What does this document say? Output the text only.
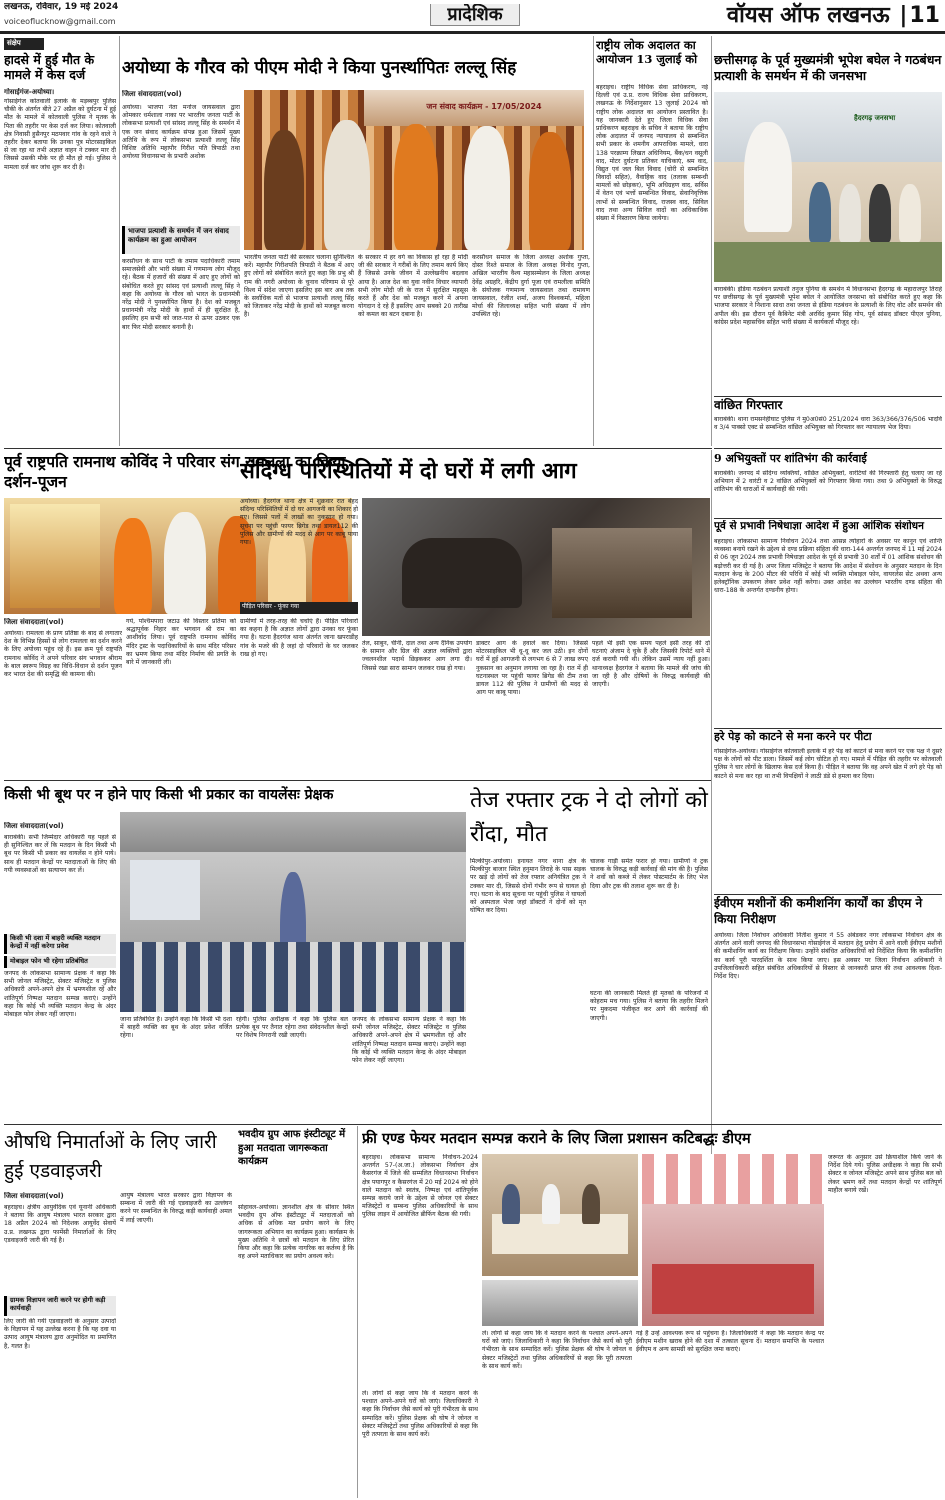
लखनऊ, रविवार, 19 मई 2024
voiceoflucknow@gmail.com	प्रादेशिक	वॉयस ऑफ लखनऊ |11
संक्षेप
हादसे में हुई मौत के मामले में केस दर्ज
गोसाईगंज-अयोध्या।
गोसाईगंज कोतवाली इलाके के मड़ब्बपुर पुलिस चौकी के अंतर्गत बीते 27 अप्रैल को दुर्घटना में हुई मौत के मामले में कोतवाली पुलिस ने मृतक के पिता की तहरीर पर केस दर्ज कर लिया। कोतवाली क्षेत्र निवासी हुसैनपुर मठपवार गांव के रहने वाले ने तहरीर देकर बताया कि उनका पुत्र मोटरसाइकिल से जा रहा था तभी अज्ञात वाहन ने टक्कर मार दी जिससे उसकी मौके पर ही मौत हो गई। पुलिस ने मामला दर्ज कर जांच शुरू कर दी है।
अयोध्या के गौरव को पीएम मोदी ने किया पुनर्स्थापितः लल्लू सिंह
जिला संवाददाता(vol)
अयोध्या। भाजपा नेता मनोज जायसवाल द्वारा ओमकार धर्मशाला नाका पर भारतीय जनता पार्टी के लोकसभा प्रत्याशी एवं सांसद लल्लू सिंह के समर्थन में एक जन संवाद कार्यक्रम संपन्न हुआ जिसमें मुख्य अतिथि के रूप में लोकसभा प्रत्याशी लल्लू सिंह विशिष्ट अतिथि महापौर गिरीश पति त्रिपाठी तथा अयोध्या विधानसभा के प्रभारी अशोक
भाजपा प्रत्याशी के समर्थन में जन संवाद कार्यक्रम का हुआ आयोजन
करसौधन के साथ पार्टी के तमाम पदाधिकारी तमाम समाजसेवी और भारी संख्या में गणमान्य लोग मौजूद रहे। बैठक में हजारों की संख्या में आए हुए लोगों को संबोधित करते हुए सांसद एवं प्रत्याशी लल्लू सिंह ने कहा कि अयोध्या के गौरव को भारत के प्रधानमंत्री नरेंद्र मोदी ने पुनर्स्थापित किया है। देश को मजबूत प्रधानमंत्री नरेंद्र मोदी के हाथों में ही सुरक्षित है, इसलिए हम सभी को जात-पात से ऊपर उठकर एक बार फिर मोदी सरकार बनानी है।
जन संवाद कार्यक्रम - 17/05/2024
भारतीय जनता पार्टी की सरकार चलाना सुनिश्चित करें। महापौर गिरीशपति त्रिपाठी ने बैठक में आए हुए लोगों को संबोधित करते हुए कहा कि प्रभु श्री राम की नगरी अयोध्या के चुनाव परिणाम से पूरे विश्व में संदेश जाएगा इसलिए इस बार अब तक के सर्वाधिक मतों से भाजपा प्रत्याशी लल्लू सिंह को जिताकर नरेंद्र मोदी के हाथों को मजबूत करना है।
के सरकार में हर वर्ग का विकास हो रहा है मोदी जी की सरकार ने गरीबों के लिए तमाम कार्य किए हैं जिससे उनके जीवन में उल्लेखनीय बदलाव आया है। आज देश का युवा नवीन विचार व्यापारी सभी लोग मोदी जी के राज में सुरक्षित महसूस करते हैं और देश को मजबूत करने में अपना योगदान दे रहे हैं इसलिए आप सबको 20 तारीख को कमल का बटन दबाना है।
करसौधन समाज के जिला अध्यक्ष अशोक गुप्ता, दोस्त रिश्ते समाज के जिला अध्यक्ष विनोद गुप्ता, अखिल भारतीय वैश्य महासम्मेलन के जिला अध्यक्ष देवेंद्र अग्रहरि, केंद्रीय दुर्गा पूजा एवं रामलीला समिति के संयोजक गणमान्य जायसवाल तथा रामायण जायसवाल, रंजीत शर्मा, अजय विश्वकर्मा, महिला मोर्चा की जिलाध्यक्ष सहित भारी संख्या में लोग उपस्थित रहे।
राष्ट्रीय लोक अदालत का आयोजन 13 जुलाई को
बहराइच। राष्ट्रीय विधिक सेवा प्राधिकरण, नई दिल्ली एवं उ.प्र. राज्य विधिक सेवा प्राधिकरण, लखनऊ के निर्देशानुसार 13 जुलाई 2024 को राष्ट्रीय लोक अदालत का आयोजन प्रस्तावित है। यह जानकारी देते हुए जिला विधिक सेवा प्राधिकरण बहराइच के सचिव ने बताया कि राष्ट्रीय लोक अदालत में जनपद न्यायालय से सम्बन्धित सभी प्रकार के शमनीय आपराधिक मामले, धारा 138 परक्राम्य लिखत अधिनियम, बैंक/धन वसूली वाद, मोटर दुर्घटना प्रतिकर याचिकाएं, श्रम वाद, विद्युत एवं जल बिल विवाद (चोरी से सम्बन्धित विवादों सहित), वैवाहिक वाद (तलाक सम्बन्धी मामलों को छोड़कर), भूमि अधिग्रहण वाद, सर्विस में वेतन एवं भत्तों सम्बन्धित विवाद, सेवानिवृत्तिक लाभों से सम्बन्धित विवाद, राजस्व वाद, सिविल वाद तथा अन्य सिविल वादों का अधिकाधिक संख्या में निस्तारण किया जायेगा।
छत्तीसगढ़ के पूर्व मुख्यमंत्री भूपेश बघेल ने गठबंधन प्रत्याशी के समर्थन में की जनसभा
हैदरगढ़ जनसभा
बाराबंकी। इंडिया गठबंधन प्रत्याशी तनुज पुनिया के समर्थन में विधानसभा हैदरगढ़ के महाराजपुर तिराहे पर छत्तीसगढ़ के पूर्व मुख्यमंत्री भूपेश बघेल ने आयोजित जनसभा को संबोधित करते हुए कहा कि भाजपा सरकार ने निशाना साधा तथा जनता से इंडिया गठबंधन के प्रत्याशी के लिए वोट और समर्थन की अपील की। इस दौरान पूर्व कैबिनेट मंत्री अरविंद कुमार सिंह गोप, पूर्व सांसद डॉक्टर पीएल पुनिया, कांग्रेस प्रदेश महासचिव सहित भारी संख्या में कार्यकर्ता मौजूद रहे।
वांछित गिरफ्तार
बाराबंकी। थाना रामसनेहीघाट पुलिस ने मु0अ0सं0 251/2024 धारा 363/366/376/506 भादवि व 3/4 पाक्सो एक्ट से सम्बन्धित वांछित अभियुक्त को गिरफ्तार कर न्यायालय भेज दिया।
पूर्व राष्ट्रपति रामनाथ कोविंद ने परिवार संग रामलला का किया दर्शन-पूजन
जिला संवाददाता(vol)
अयोध्या। रामलला के प्राण प्रतिष्ठा के बाद से लगातार देश के विभिन्न हिस्सों से लोग रामलला का दर्शन करने के लिए अयोध्या पहुंच रहे हैं। इस क्रम पूर्व राष्ट्रपति रामनाथ कोविंद ने अपने परिवार संग भगवान श्रीराम के बाल स्वरूप विग्रह का विधि-विधान से दर्शन पूजन कर भारत देश की समृद्धि की कामना की।
गये, पश्चिमपारा जटाउ की विस्तार प्रतिमा को श्रद्धापूर्वक निहार कर भगवान श्री राम का आशीर्वाद लिया। पूर्व राष्ट्रपति रामनाथ कोविंद मंदिर ट्रस्ट के पदाधिकारियों के साथ मंदिर परिसर का भ्रमण किया तथा मंदिर निर्माण की प्रगति के बारे में जानकारी ली।
संदिग्ध परिस्थितियों में दो घरों में लगी आग
अयोध्या। हैदरगंज थाना क्षेत्र में शुक्रवार रात बेहद संदिग्ध परिस्थितियों में दो घर आगजनी का शिकार हो गए। जिससे पलों में लाखों का नुकसान हो गया। सूचना पर पहुंची फायर ब्रिगेड तथा डायल112 की पुलिस और ग्रामीणों की मदद से आग पर काबू पाया गया।
पीड़ित परिवार - फूंका गया
ग्रामीणों में तरह-तरह की चर्चाएं हैं। पीड़ित परिवारों का कहना है कि अज्ञात लोगों द्वारा उनका घर फूंका गया है। घटना हैदरगंज थाना अंतर्गत जाना खपराडीह गांव के मजरे की है जहां दो परिवारों के घर जलकर राख हो गए।
तेल, साबुन, चीनी, दाल तथा अन्य दैनिक उपयोग के सामान और ग्रिल की अज्ञात व्यक्तियों द्वारा ज्वलनशील पदार्थ छिड़ककर आग लगा दी। जिससे रखा सारा सामान जलकर राख हो गया।
डाक्टर आग के हवाले कर दिया। जिससे मोटरसाइकिल भी धू-धू कर जल उठी। इन दोनों घरों में हुई आगजनी से लगभग 6 से 7 लाख रुपए नुकसान का अनुमान लगाया जा रहा है। रात में ही घटनास्थल पर पहुंची फायर ब्रिगेड की टीम तथा डायल 112 की पुलिस ने ग्रामीणों की मदद से आग पर काबू पाया।
पहले भी इसी एक समय पहले इसी तरह की दो घटनाएं अंजाम दे चुके हैं और जिसकी रिपोर्ट थाने में दर्ज करायी गयी थी। लेकिन उसमें न्याय नहीं हुआ। थानाध्यक्ष हैदरगंज ने बताया कि मामले की जांच की जा रही है और दोषियों के विरुद्ध कार्यवाही की जाएगी।
9 अभियुक्तों पर शांतिभंग की कार्रवाई
बाराबंकी। जनपद में संदिग्ध व्यक्तियों, वांछित अभियुक्तों, वारंटियों की गिरफ्तारी हेतु चलाए जा रहे अभियान में 2 वारंटी व 2 वांछित अभियुक्तों को गिरफ्तार किया गया। तथा 9 अभियुक्तों के विरुद्ध शांतिभंग की धाराओं में कार्यवाही की गयी।
पूर्व से प्रभावी निषेधाज्ञा आदेश में हुआ आंशिक संशोधन
बहराइच। लोकसभा सामान्य निर्वाचन 2024 तथा आसन्न त्योहारों के अवसर पर कानून एवं शान्ति व्यवस्था बनाये रखने के उद्देश्य से दण्ड प्रक्रिया संहिता की धारा-144 अन्तर्गत जनपद में 11 मई 2024 से 06 जून 2024 तक प्रभावी निषेधाज्ञा आदेश के पूर्व से प्रभावी 30 शर्तों में 01 आंशिक संशोधन की बढ़ोत्तरी कर दी गई है। अपर जिला मजिस्ट्रेट ने बताया कि आदेश में संशोधन के अनुसार मतदान के दिन मतदान केन्द्र के 200 मीटर की परिधि में कोई भी व्यक्ति मोबाइल फोन, वायरलेस सेट अथवा अन्य इलेक्ट्रॉनिक उपकरण लेकर प्रवेश नहीं करेगा। उक्त आदेश का उल्लंघन भारतीय दण्ड संहिता की धारा-188 के अन्तर्गत दण्डनीय होगा।
हरे पेड़ को काटने से मना करने पर पीटा
गोसाईगंज-अयोध्या। गोसाईगंज कोतवाली इलाके में हरे पेड़ को काटने से मना करने पर एक पक्ष ने दूसरे पक्ष के लोगों को पीट डाला। जिसमें कई लोग चोटिल हो गए। मामले में पीड़ित की तहरीर पर कोतवाली पुलिस ने चार लोगों के खिलाफ केस दर्ज किया है। पीड़ित ने बताया कि वह अपने खेत में लगे हरे पेड़ को काटने से मना कर रहा था तभी विपक्षियों ने लाठी डंडे से हमला कर दिया।
ईवीएम मशीनों की कमीशनिंग कार्यों का डीएम ने किया निरीक्षण
अयोध्या। जिला निर्वाचन अधिकारी नितीश कुमार ने 55 अंबेडकर नगर लोकसभा निर्वाचन क्षेत्र के अंतर्गत आने वाली जनपद की विधानसभा गोसाईगंज में मतदान हेतु प्रयोग में आने वाली ईवीएम मशीनों की कमीशनिंग कार्य का निरीक्षण किया। उन्होंने संबंधित अधिकारियों को निर्देशित किया कि कमीशनिंग का कार्य पूरी पारदर्शिता के साथ किया जाए। इस अवसर पर जिला निर्वाचन अधिकारी ने उपजिलाधिकारी सहित संबंधित अधिकारियों से विस्तार से जानकारी प्राप्त की तथा आवश्यक दिशा-निर्देश दिए।
किसी भी बूथ पर न होने पाए किसी भी प्रकार का वायलेंसः प्रेक्षक
जिला संवाददाता(vol)
बाराबंकी। सभी जिम्मेदार अधिकारी यह पहले से ही सुनिश्चित कर लें कि मतदान के दिन किसी भी बूथ पर किसी भी प्रकार का वायलेंस न होने पाये। साथ ही मतदान केन्द्रों पर मतदाताओं के लिए की गयी व्यवस्थाओं का सत्यापन कर लें।
किसी भी दशा में बाहरी व्यक्ति मतदान केन्द्रों में नहीं करेगा प्रवेश
मोबाइल फोन भी रहेगा प्रतिबंधित
जनपद के लोकसभा सामान्य प्रेक्षक ने कहा कि सभी जोनल मजिस्ट्रेट, सेक्टर मजिस्ट्रेट व पुलिस अधिकारी अपने-अपने क्षेत्र में भ्रमणशील रहें और शांतिपूर्ण निष्पक्ष मतदान सम्पन्न कराएं। उन्होंने कहा कि कोई भी व्यक्ति मतदान केन्द्र के अंदर मोबाइल फोन लेकर नहीं जाएगा।
जाना प्रतिबंधित है। उन्होंने कहा कि किसी भी दशा में बाहरी व्यक्ति का बूथ के अंदर प्रवेश वर्जित रहेगा।
रहेगी। पुलिस अधीक्षक ने कहा कि पुलिस बल प्रत्येक बूथ पर तैनात रहेगा तथा संवेदनशील केन्द्रों पर विशेष निगरानी रखी जाएगी।
तेज रफ्तार ट्रक ने दो लोगों को रौंदा, मौत
मिल्कीपुर-अयोध्या। इनायत नगर थाना क्षेत्र के मिल्कीपुर बाजार स्थित हनुमान तिराहे के पास सड़क पर खड़े दो लोगों को तेज रफ्तार अनियंत्रित ट्रक ने टक्कर मार दी, जिससे दोनों गंभीर रूप से घायल हो गए। घटना के बाद सूचना पर पहुंची पुलिस ने घायलों को अस्पताल भेजा जहां डॉक्टरों ने दोनों को मृत घोषित कर दिया।
चालक गाड़ी समेत फरार हो गया। ग्रामीणों ने ट्रक चालक के विरुद्ध कड़ी कार्रवाई की मांग की है। पुलिस ने शवों को कब्जे में लेकर पोस्टमार्टम के लिए भेज दिया और ट्रक की तलाश शुरू कर दी है।
घटना की जानकारी मिलते ही मृतकों के परिजनों में कोहराम मच गया। पुलिस ने बताया कि तहरीर मिलने पर मुकदमा पंजीकृत कर आगे की कार्रवाई की जाएगी।
जनपद के लोकसभा सामान्य प्रेक्षक ने कहा कि सभी जोनल मजिस्ट्रेट, सेक्टर मजिस्ट्रेट व पुलिस अधिकारी अपने-अपने क्षेत्र में भ्रमणशील रहें और शांतिपूर्ण निष्पक्ष मतदान सम्पन्न कराएं। उन्होंने कहा कि कोई भी व्यक्ति मतदान केन्द्र के अंदर मोबाइल फोन लेकर नहीं जाएगा।
औषधि निमार्ताओं के लिए जारी हुई एडवाइजरी
जिला संवाददाता(vol)
बहराइच। क्षेत्रीय आयुर्वेदिक एवं यूनानी अधिकारी ने बताया कि आयुष मंत्रालय भारत सरकार द्वारा 18 अप्रैल 2024 को निदेशक आयुर्वेद सेवायें उ.प्र. लखनऊ द्वारा फार्मेसी निमार्ताओं के लिए एडवाइजरी जारी की गई है।
ग्रामक विज्ञापन जारी करने पर होगी कड़ी कार्यवाही
लिए जारी की गयी एडवाइजरी के अनुसार उत्पादों के विज्ञापन में यह उल्लेख करना है कि यह दवा या उत्पाद आयुष मंत्रालय द्वारा अनुमोदित या प्रमाणित है, गलत है।
आयुष मंत्रालय भारत सरकार द्वारा विज्ञापन के सम्बन्ध में जारी की गई एडवाइजरी का उल्लंघन करने पर सम्बन्धित के विरुद्ध कड़ी कार्यवाही अमल में लाई जाएगी।
भवदीय ग्रुप आफ इंस्टीट्यूट में हुआ मतदाता जागरूकता कार्यक्रम
सोहावल-अयोध्या। ज्ञानशील क्षेत्र के सीवार स्थित भवदीय ग्रुप ऑफ इंस्टीट्यूट में मतदाताओं को अधिक से अधिक मत प्रयोग करने के लिए जागरूकता अभियान का कार्यक्रम हुआ। कार्यक्रम के मुख्य अतिथि ने छात्रों को मतदान के लिए प्रेरित किया और कहा कि प्रत्येक नागरिक का कर्तव्य है कि वह अपने मताधिकार का प्रयोग अवश्य करे।
फ्री एण्ड फेयर मतदान सम्पन्न कराने के लिए जिला प्रशासन कटिबद्धः डीएम
बहराइच। लोकसभा सामान्य निर्वाचन-2024 अन्तर्गत 57-(अ.जा.) लोकसभा निर्वाचन क्षेत्र कैसरगंज में जिले की सम्मलित विधानसभा निर्वाचन क्षेत्र पयागपुर व कैसरगंज में 20 मई 2024 को होने वाले मतदान को स्वतंत्र, निष्पक्ष एवं शांतिपूर्वक सम्पन्न कराये जाने के उद्देश्य से जोनल एवं सेक्टर मजिस्ट्रेटों व सम्बन्ध पुलिस अधिकारियों के साथ पुलिस लाइन में आयोजित ब्रीफिंग बैठक की गयी।
जरूरत के अनुसार उसे क्रियाशील किये जाने के निर्देश दिये गये। पुलिस अधीक्षक ने कहा कि सभी सेक्टर व जोनल मजिस्ट्रेट अपने साथ पुलिस बल को लेकर भ्रमण करें तथा मतदान केन्द्रों पर शांतिपूर्ण माहौल बनाये रखें।
ले। लोगों से कहा जाय कि वे मतदान करने के पश्चात अपने-अपने घरों को जाएं। जिलाधिकारी ने कहा कि निर्वाचन जैसे कार्य को पूरी गंभीरता के साथ सम्पादित करें। पुलिस प्रेक्षक श्री घोष ने जोनल व सेक्टर मजिस्ट्रेटों तथा पुलिस अधिकारियों से कहा कि पूरी तत्परता के साथ कार्य करें।
गई है उन्हें आवश्यक रूप से पहुंचना है। जिलाधिकारी ने कहा कि मतदान केन्द्र पर ईवीएम मशीन खराब होने की दशा में तत्काल सूचना दें। मतदान समाप्ति के पश्चात ईवीएम व अन्य सामग्री को सुरक्षित जमा कराएं।
ले। लोगों से कहा जाय कि वे मतदान करने के पश्चात अपने-अपने घरों को जाएं। जिलाधिकारी ने कहा कि निर्वाचन जैसे कार्य को पूरी गंभीरता के साथ सम्पादित करें। पुलिस प्रेक्षक श्री घोष ने जोनल व सेक्टर मजिस्ट्रेटों तथा पुलिस अधिकारियों से कहा कि पूरी तत्परता के साथ कार्य करें।
